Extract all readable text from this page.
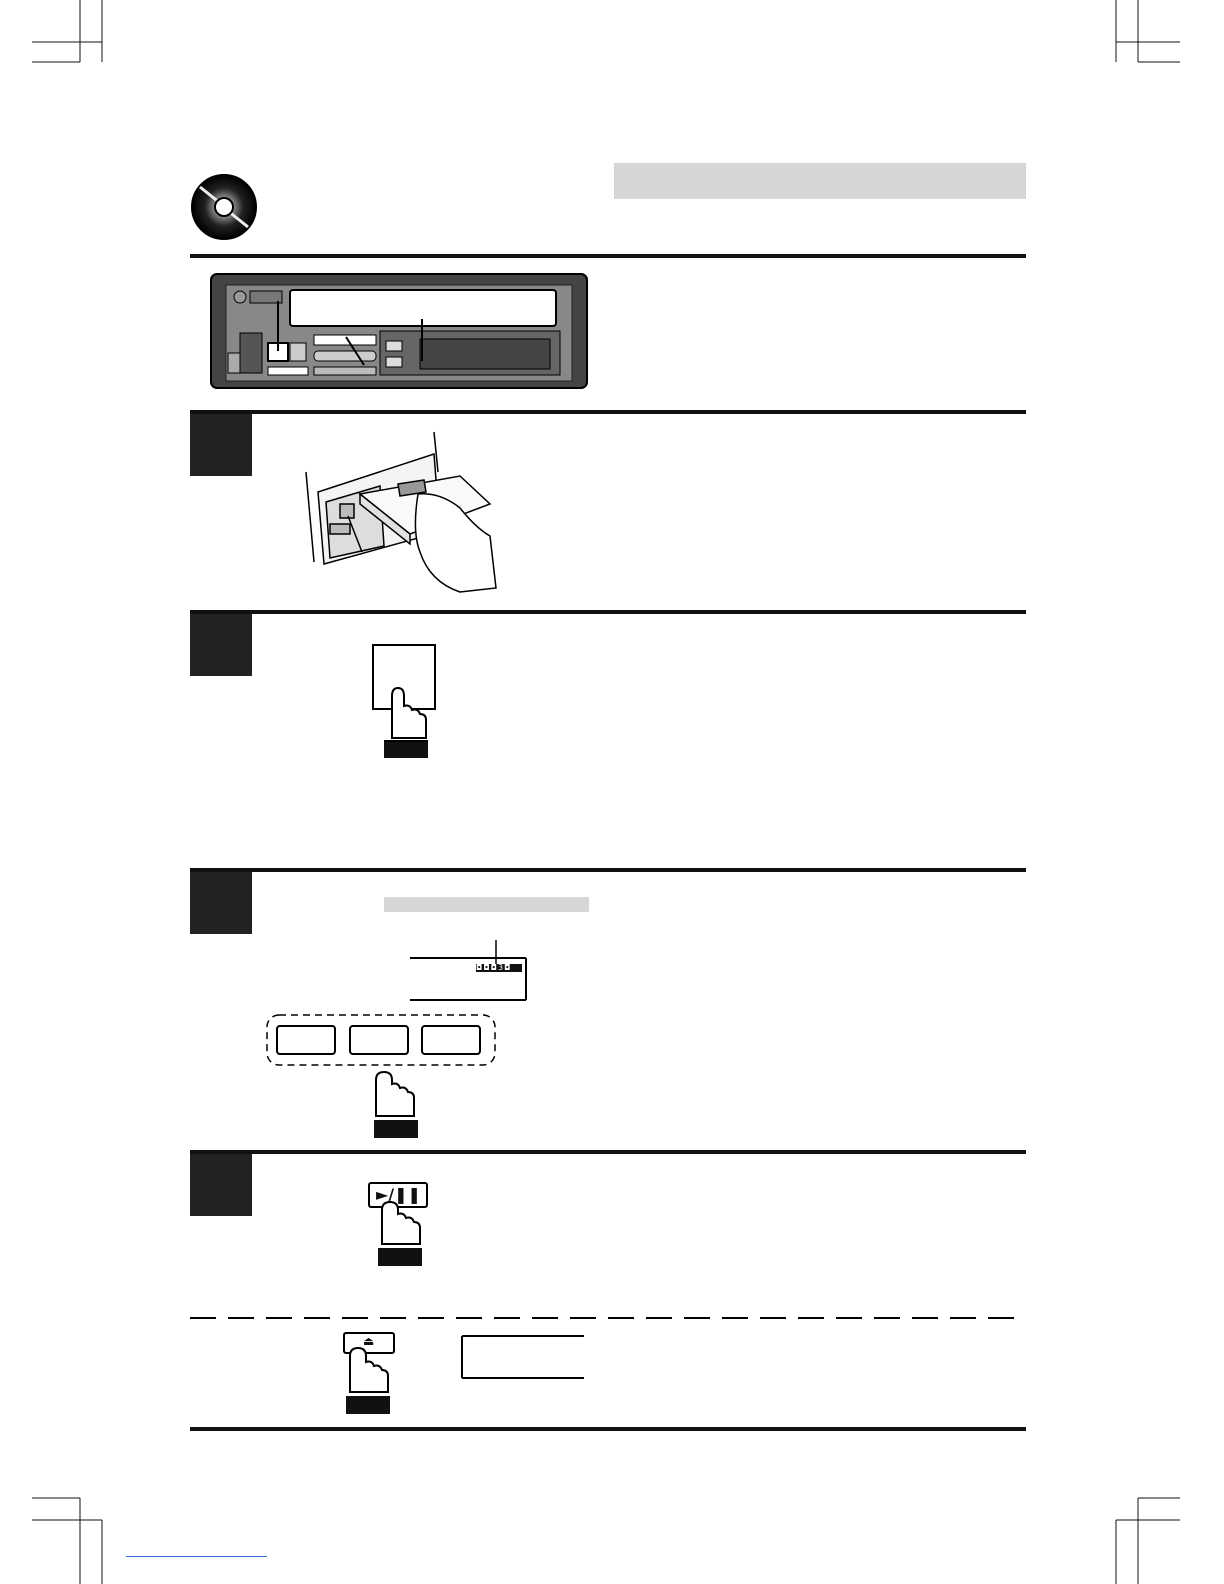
◘◘◘3◘
►/❚❚
⏏
